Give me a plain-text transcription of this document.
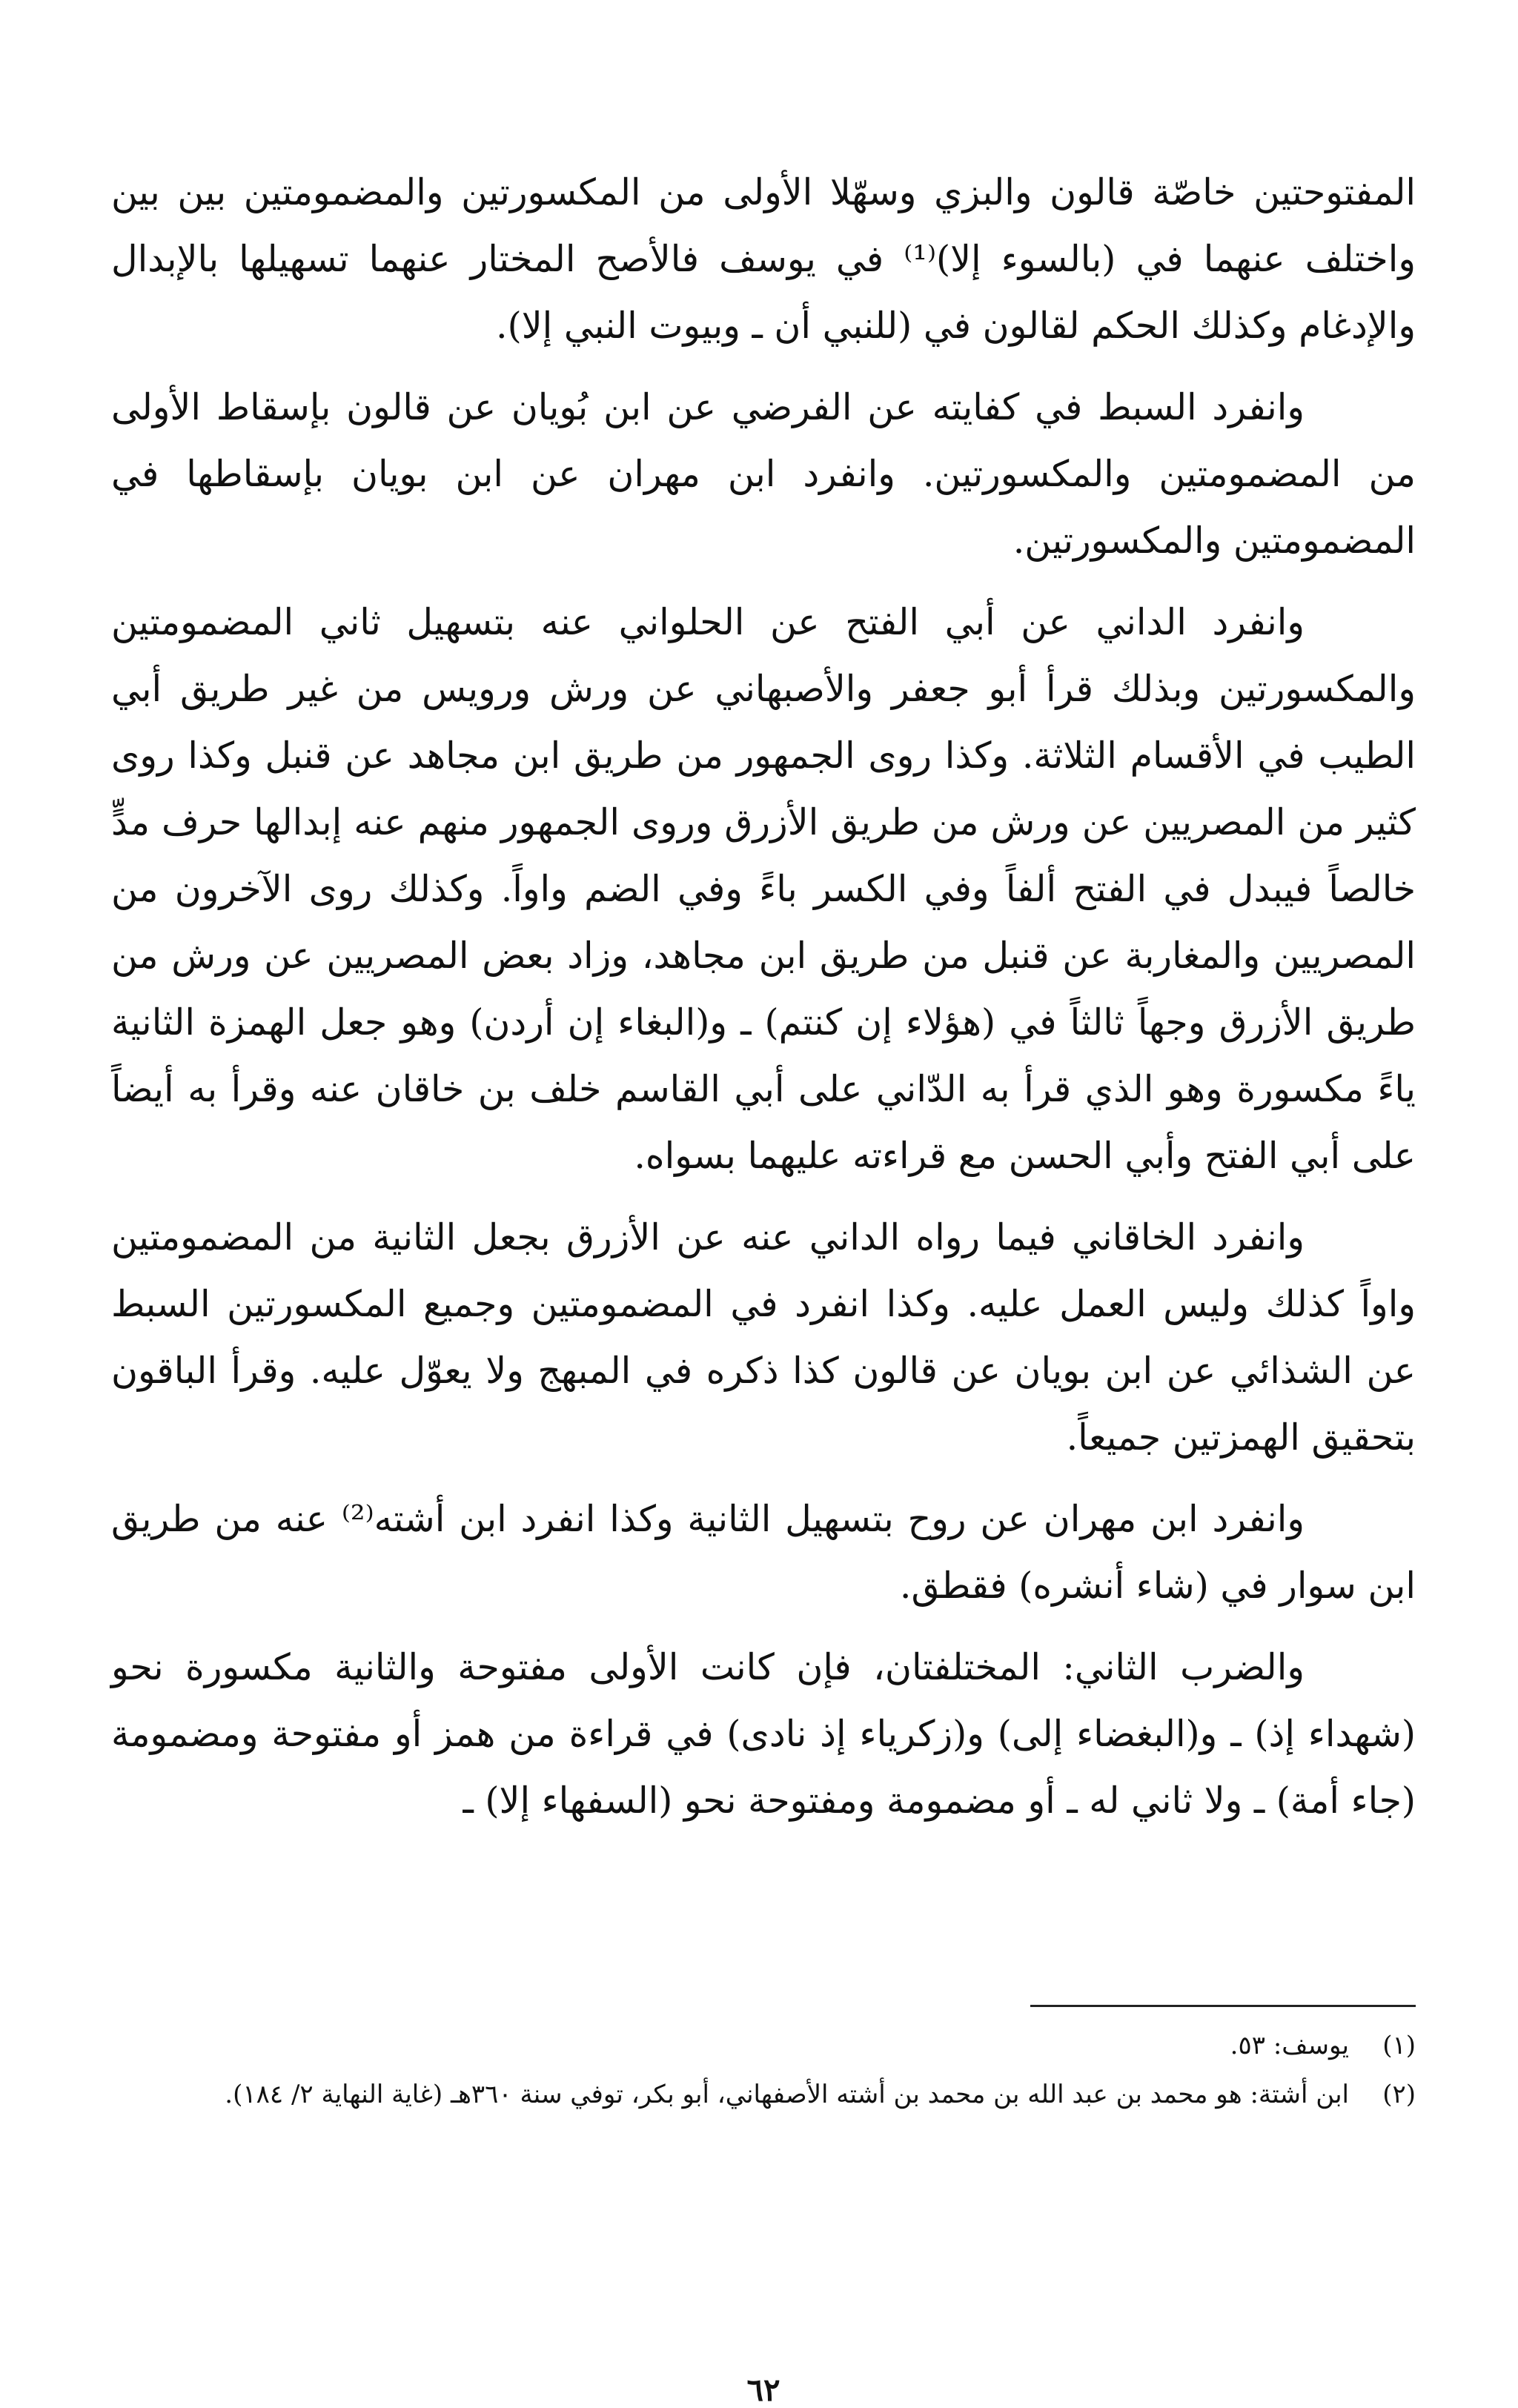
المفتوحتين خاصّة قالون والبزي وسهّلا الأولى من المكسورتين والمضمومتين بين بين واختلف عنهما في (بالسوء إلا)⁽¹⁾ في يوسف فالأصح المختار عنهما تسهيلها بالإبدال والإدغام وكذلك الحكم لقالون في (للنبي أن ـ وبيوت النبي إلا).

وانفرد السبط في كفايته عن الفرضي عن ابن بُويان عن قالون بإسقاط الأولى من المضمومتين والمكسورتين. وانفرد ابن مهران عن ابن بويان بإسقاطها في المضمومتين والمكسورتين.

وانفرد الداني عن أبي الفتح عن الحلواني عنه بتسهيل ثاني المضمومتين والمكسورتين وبذلك قرأ أبو جعفر والأصبهاني عن ورش ورويس من غير طريق أبي الطيب في الأقسام الثلاثة. وكذا روى الجمهور من طريق ابن مجاهد عن قنبل وكذا روى كثير من المصريين عن ورش من طريق الأزرق وروى الجمهور منهم عنه إبدالها حرف مدٍّ خالصاً فيبدل في الفتح ألفاً وفي الكسر باءً وفي الضم واواً. وكذلك روى الآخرون من المصريين والمغاربة عن قنبل من طريق ابن مجاهد، وزاد بعض المصريين عن ورش من طريق الأزرق وجهاً ثالثاً في (هؤلاء إن كنتم) ـ و(البغاء إن أردن) وهو جعل الهمزة الثانية ياءً مكسورة وهو الذي قرأ به الدّاني على أبي القاسم خلف بن خاقان عنه وقرأ به أيضاً على أبي الفتح وأبي الحسن مع قراءته عليهما بسواه.

وانفرد الخاقاني فيما رواه الداني عنه عن الأزرق بجعل الثانية من المضمومتين واواً كذلك وليس العمل عليه. وكذا انفرد في المضمومتين وجميع المكسورتين السبط عن الشذائي عن ابن بويان عن قالون كذا ذكره في المبهج ولا يعوّل عليه. وقرأ الباقون بتحقيق الهمزتين جميعاً.

وانفرد ابن مهران عن روح بتسهيل الثانية وكذا انفرد ابن أشته⁽²⁾ عنه من طريق ابن سوار في (شاء أنشره) فقطق.

والضرب الثاني: المختلفتان، فإن كانت الأولى مفتوحة والثانية مكسورة نحو (شهداء إذ) ـ و(البغضاء إلى) و(زكرياء إذ نادى) في قراءة من همز أو مفتوحة ومضمومة (جاء أمة) ـ ولا ثاني له ـ أو مضمومة ومفتوحة نحو (السفهاء إلا) ـ

(١)
يوسف: ٥٣.
(٢)
ابن أشتة: هو محمد بن عبد الله بن محمد بن أشته الأصفهاني، أبو بكر، توفي سنة ٣٦٠هـ (غاية النهاية ٢/ ١٨٤).
٦٢
